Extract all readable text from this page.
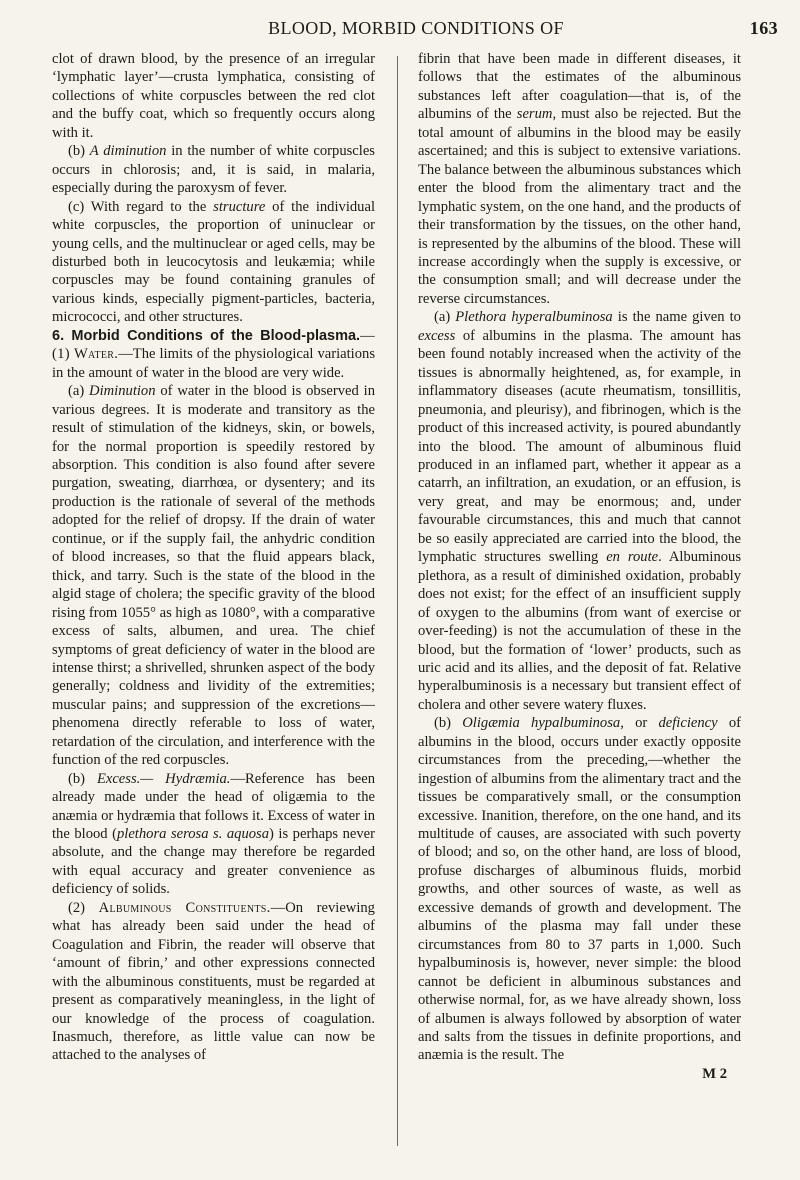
BLOOD, MORBID CONDITIONS OF	163

clot of drawn blood, by the presence of an irregular ‘lymphatic layer’—crusta lymphatica, consisting of collections of white corpuscles between the red clot and the buffy coat, which so frequently occurs along with it.

(b) A diminution in the number of white corpuscles occurs in chlorosis; and, it is said, in malaria, especially during the paroxysm of fever.

(c) With regard to the structure of the individual white corpuscles, the proportion of uninuclear or young cells, and the multinuclear or aged cells, may be disturbed both in leucocytosis and leukæmia; while corpuscles may be found containing granules of various kinds, especially pigment-particles, bacteria, micrococci, and other structures.

6. Morbid Conditions of the Blood-plasma.—(1) Water.—The limits of the physiological variations in the amount of water in the blood are very wide.

(a) Diminution of water in the blood is observed in various degrees. It is moderate and transitory as the result of stimulation of the kidneys, skin, or bowels, for the normal proportion is speedily restored by absorption. This condition is also found after severe purgation, sweating, diarrhœa, or dysentery; and its production is the rationale of several of the methods adopted for the relief of dropsy. If the drain of water continue, or if the supply fail, the anhydric condition of blood increases, so that the fluid appears black, thick, and tarry. Such is the state of the blood in the algid stage of cholera; the specific gravity of the blood rising from 1055° as high as 1080°, with a comparative excess of salts, albumen, and urea. The chief symptoms of great deficiency of water in the blood are intense thirst; a shrivelled, shrunken aspect of the body generally; coldness and lividity of the extremities; muscular pains; and suppression of the excretions—phenomena directly referable to loss of water, retardation of the circulation, and interference with the function of the red corpuscles.

(b) Excess.— Hydræmia.—Reference has been already made under the head of oligæmia to the anæmia or hydræmia that follows it. Excess of water in the blood (plethora serosa s. aquosa) is perhaps never absolute, and the change may therefore be regarded with equal accuracy and greater convenience as deficiency of solids.

(2) Albuminous Constituents.—On reviewing what has already been said under the head of Coagulation and Fibrin, the reader will observe that ‘amount of fibrin,’ and other expressions connected with the albuminous constituents, must be regarded at present as comparatively meaningless, in the light of our knowledge of the process of coagulation. Inasmuch, therefore, as little value can now be attached to the analyses of

fibrin that have been made in different diseases, it follows that the estimates of the albuminous substances left after coagulation—that is, of the albumins of the serum, must also be rejected. But the total amount of albumins in the blood may be easily ascertained; and this is subject to extensive variations. The balance between the albuminous substances which enter the blood from the alimentary tract and the lymphatic system, on the one hand, and the products of their transformation by the tissues, on the other hand, is represented by the albumins of the blood. These will increase accordingly when the supply is excessive, or the consumption small; and will decrease under the reverse circumstances.

(a) Plethora hyperalbuminosa is the name given to excess of albumins in the plasma. The amount has been found notably increased when the activity of the tissues is abnormally heightened, as, for example, in inflammatory diseases (acute rheumatism, tonsillitis, pneumonia, and pleurisy), and fibrinogen, which is the product of this increased activity, is poured abundantly into the blood. The amount of albuminous fluid produced in an inflamed part, whether it appear as a catarrh, an infiltration, an exudation, or an effusion, is very great, and may be enormous; and, under favourable circumstances, this and much that cannot be so easily appreciated are carried into the blood, the lymphatic structures swelling en route. Albuminous plethora, as a result of diminished oxidation, probably does not exist; for the effect of an insufficient supply of oxygen to the albumins (from want of exercise or over-feeding) is not the accumulation of these in the blood, but the formation of ‘lower’ products, such as uric acid and its allies, and the deposit of fat. Relative hyperalbuminosis is a necessary but transient effect of cholera and other severe watery fluxes.

(b) Oligæmia hypalbuminosa, or deficiency of albumins in the blood, occurs under exactly opposite circumstances from the preceding,—whether the ingestion of albumins from the alimentary tract and the tissues be comparatively small, or the consumption excessive. Inanition, therefore, on the one hand, and its multitude of causes, are associated with such poverty of blood; and so, on the other hand, are loss of blood, profuse discharges of albuminous fluids, morbid growths, and other sources of waste, as well as excessive demands of growth and development. The albumins of the plasma may fall under these circumstances from 80 to 37 parts in 1,000. Such hypalbuminosis is, however, never simple: the blood cannot be deficient in albuminous substances and otherwise normal, for, as we have already shown, loss of albumen is always followed by absorption of water and salts from the tissues in definite proportions, and anæmia is the result. The

M 2
